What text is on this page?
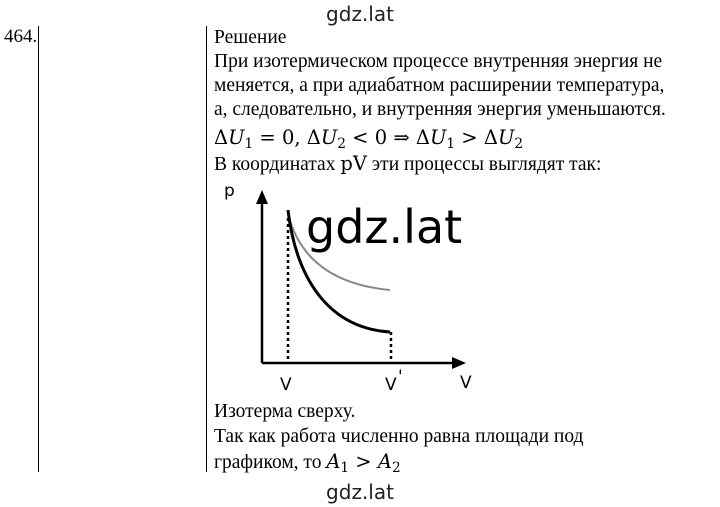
gdz.lat
464.	Решение
При изотермическом процессе внутренняя энергия не
меняется, а при адиабатном расширении температура,
а, следовательно, и внутренняя энергия уменьшаются.
$\Delta U_1 = 0$, $\Delta U_2 < 0$ ⇒ $\Delta U_1 > \Delta U_2$
В координатах pV эти процессы выглядят так:
p
gdz.lat
V	V '	V
Изотерма сверху.
Так как работа численно равна площади под
графиком, то $A_1 > A_2$
gdz.lat
